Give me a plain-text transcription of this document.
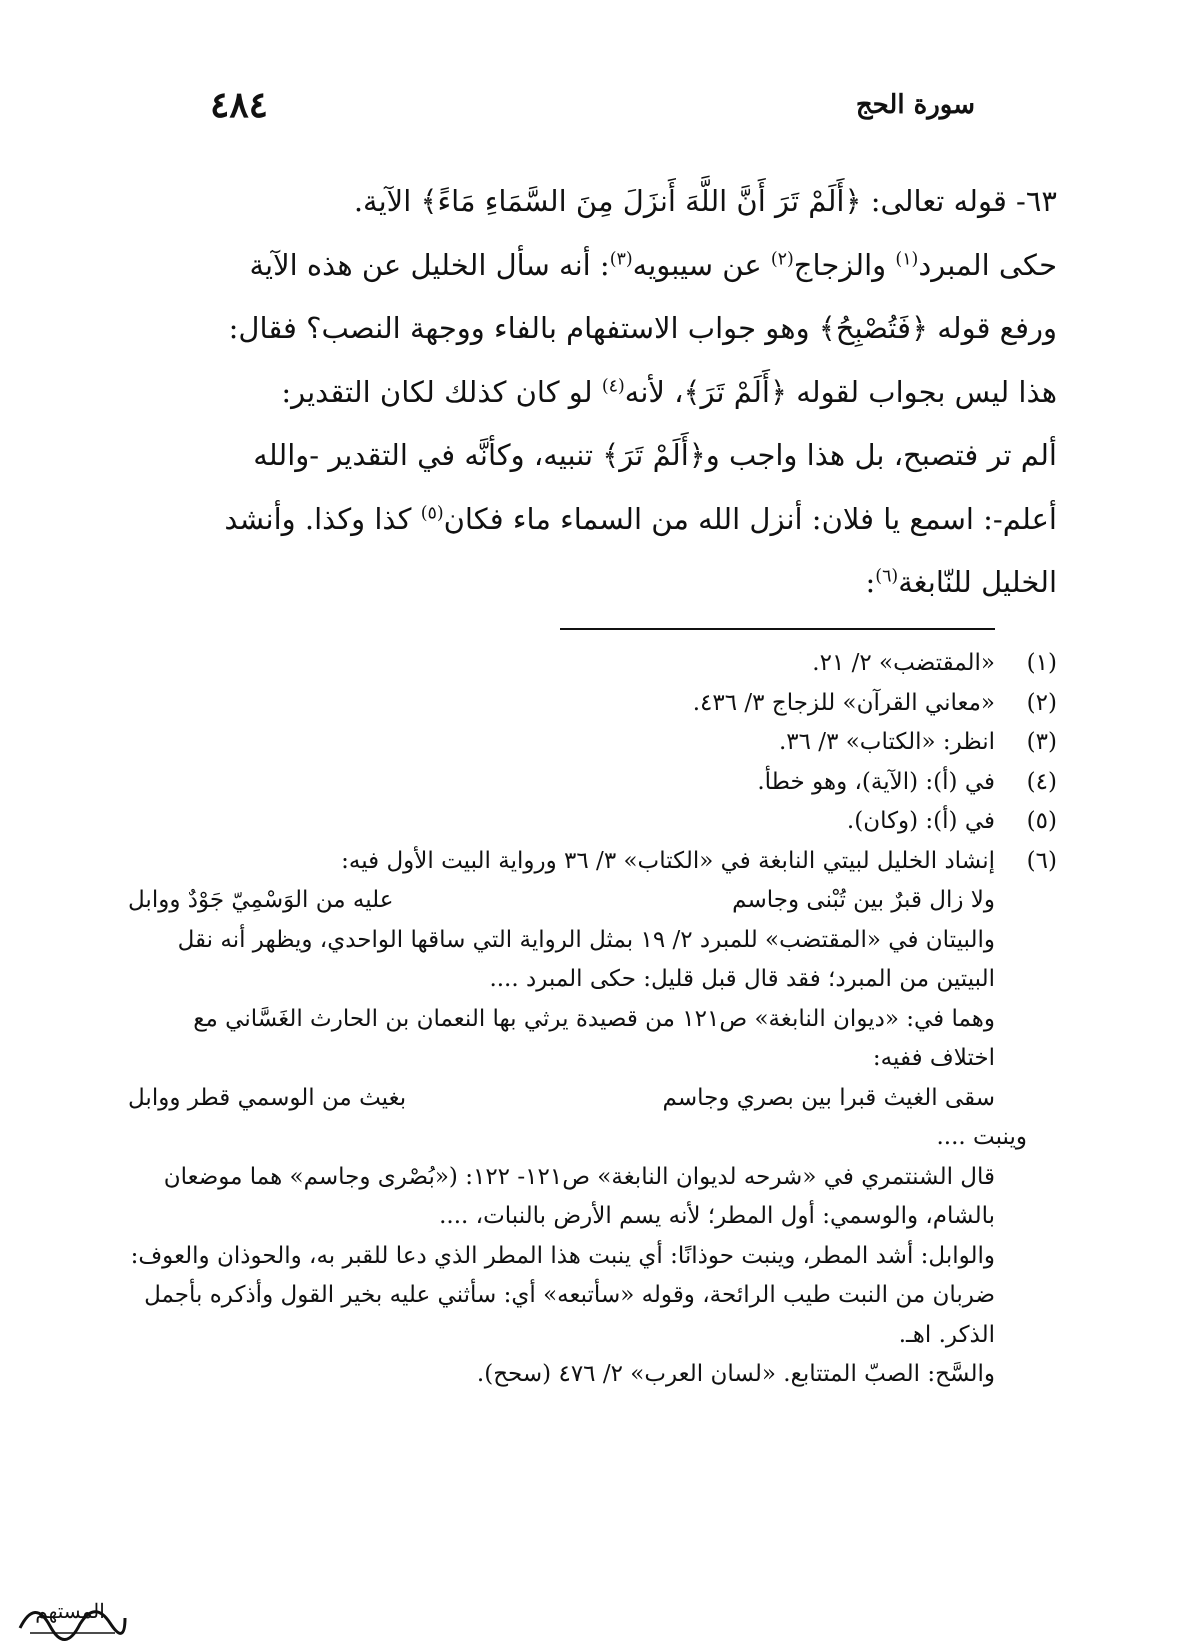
سورة الحج
٤٨٤

٦٣- قوله تعالى: ﴿أَلَمْ تَرَ أَنَّ اللَّهَ أَنزَلَ مِنَ السَّمَاءِ مَاءً﴾ الآية.

حكى المبرد$^{(١)}$ والزجاج$^{(٢)}$ عن سيبويه$^{(٣)}$: أنه سأل الخليل عن هذه الآية

ورفع قوله ﴿فَتُصْبِحُ﴾ وهو جواب الاستفهام بالفاء ووجهة النصب؟ فقال:

هذا ليس بجواب لقوله ﴿أَلَمْ تَرَ﴾، لأنه$^{(٤)}$ لو كان كذلك لكان التقدير:

ألم تر فتصبح، بل هذا واجب و﴿أَلَمْ تَرَ﴾ تنبيه، وكأنَّه في التقدير -والله

أعلم-: اسمع يا فلان: أنزل الله من السماء ماء فكان$^{(٥)}$ كذا وكذا. وأنشد

الخليل للنّابغة$^{(٦)}$:

(١)
«المقتضب» ٢/ ٢١.
(٢)
«معاني القرآن» للزجاج ٣/ ٤٣٦.
(٣)
انظر: «الكتاب» ٣/ ٣٦.
(٤)
في (أ): (الآية)، وهو خطأ.
(٥)
في (أ): (وكان).
(٦)
إنشاد الخليل لبيتي النابغة في «الكتاب» ٣/ ٣٦ ورواية البيت الأول فيه:
ولا زال قبرٌ بين تُبْنى وجاسم
عليه من الوَسْمِيّ جَوْدٌ ووابل
والبيتان في «المقتضب» للمبرد ٢/ ١٩ بمثل الرواية التي ساقها الواحدي، ويظهر أنه نقل البيتين من المبرد؛ فقد قال قبل قليل: حكى المبرد ....
وهما في: «ديوان النابغة» ص١٢١ من قصيدة يرثي بها النعمان بن الحارث الغَسَّاني مع اختلاف ففيه:
سقى الغيث قبرا بين بصري وجاسم
بغيث من الوسمي قطر ووابل
وينبت ....
قال الشنتمري في «شرحه لديوان النابغة» ص١٢١- ١٢٢: («بُصْرى وجاسم» هما موضعان بالشام، والوسمي: أول المطر؛ لأنه يسم الأرض بالنبات، ....
والوابل: أشد المطر، وينبت حوذانًا: أي ينبت هذا المطر الذي دعا للقبر به، والحوذان والعوف: ضربان من النبت طيب الرائحة، وقوله «سأتبعه» أي: سأثني عليه بخير القول وأذكره بأجمل الذكر. اهـ.
والسَّح: الصبّ المتتابع. «لسان العرب» ٢/ ٤٧٦ (سحح).
المستهم
